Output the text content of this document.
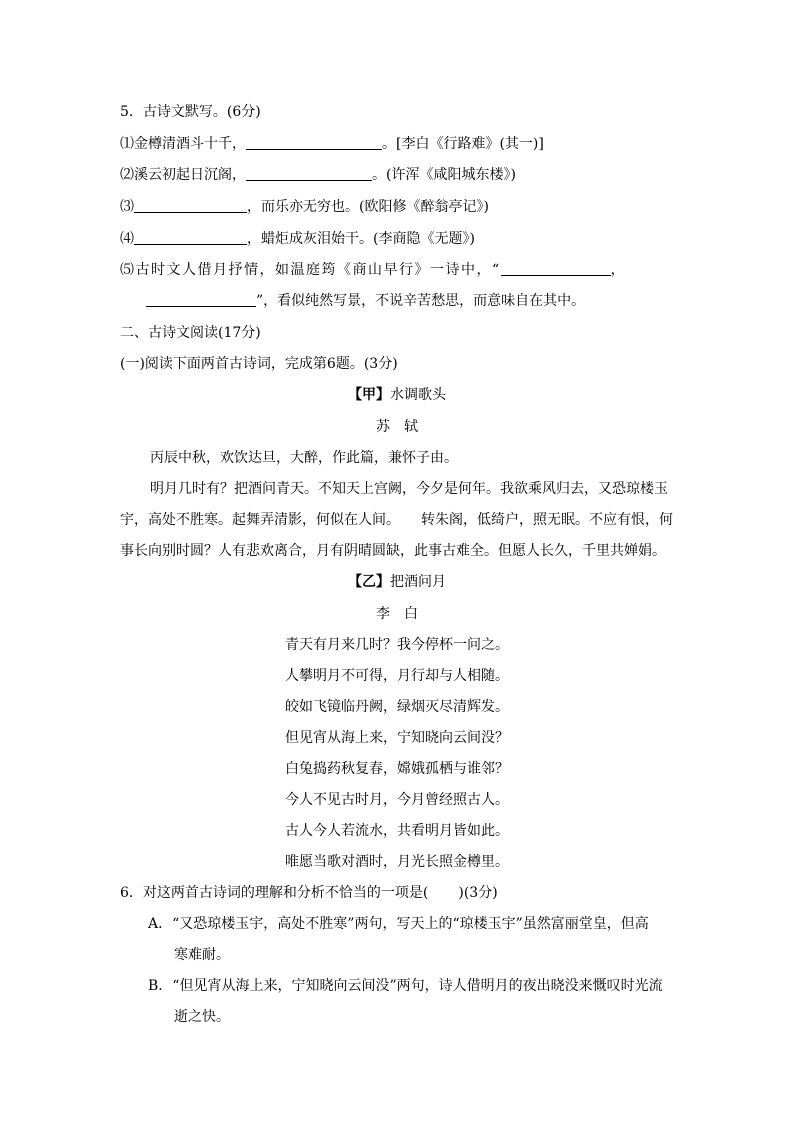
5．古诗文默写。(6分)
⑴金樽清酒斗十千，	。[李白《行路难》(其一)]
⑵溪云初起日沉阁，	。(许浑《咸阳城东楼》)
⑶	，而乐亦无穷也。(欧阳修《醉翁亭记》)
⑷	，蜡炬成灰泪始干。(李商隐《无题》)
⑸古时文人借月抒情，如温庭筠《商山早行》一诗中，“	，
”，看似纯然写景，不说辛苦愁思，而意味自在其中。
二、古诗文阅读(17分)
(一)阅读下面两首古诗词，完成第6题。(3分)
【甲】水调歌头
苏　轼
丙辰中秋，欢饮达旦，大醉，作此篇，兼怀子由。
明月几时有？把酒问青天。不知天上宫阙，今夕是何年。我欲乘风归去，又恐琼楼玉
宇，高处不胜寒。起舞弄清影，何似在人间。　　转朱阁，低绮户，照无眠。不应有恨，何
事长向别时圆？人有悲欢离合，月有阴晴圆缺，此事古难全。但愿人长久，千里共婵娟。
【乙】把酒问月
李　白
青天有月来几时？我今停杯一问之。
人攀明月不可得，月行却与人相随。
皎如飞镜临丹阙，绿烟灭尽清辉发。
但见宵从海上来，宁知晓向云间没？
白兔捣药秋复春，嫦娥孤栖与谁邻？
今人不见古时月，今月曾经照古人。
古人今人若流水，共看明月皆如此。
唯愿当歌对酒时，月光长照金樽里。
6．对这两首古诗词的理解和分析不恰当的一项是( )(3分)
A．“又恐琼楼玉宇，高处不胜寒”两句，写天上的“琼楼玉宇”虽然富丽堂皇，但高
寒难耐。
B．“但见宵从海上来，宁知晓向云间没”两句，诗人借明月的夜出晓没来慨叹时光流
逝之快。
